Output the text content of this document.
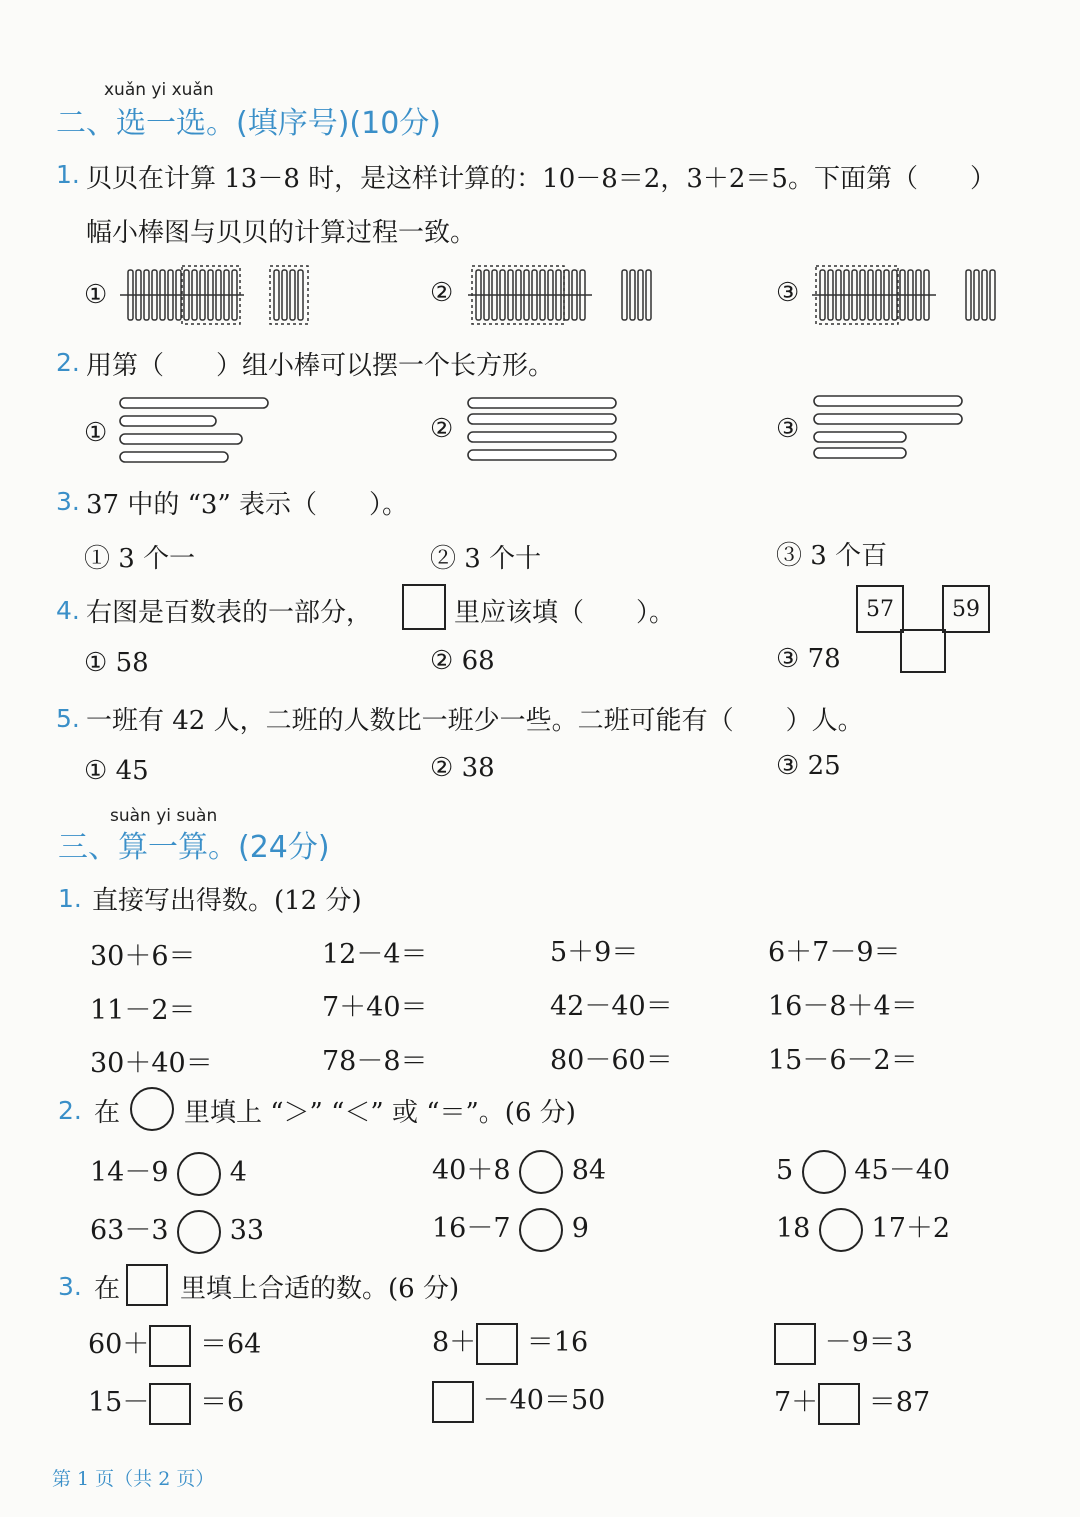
xuǎn yi xuǎn
二、选一选。(填序号)(10分)
1. 贝贝在计算 13－8 时，是这样计算的：10－8＝2，3＋2＝5。下面第（　　）
幅小棒图与贝贝的计算过程一致。
①	②	③
2. 用第（　　）组小棒可以摆一个长方形。
①	②	③
3. 37 中的 “3” 表示（　　）。
① 3 个一	② 3 个十	③ 3 个百
4. 右图是百数表的一部分，	里应该填（　　）。
① 58	② 68	③ 78
57	59
5. 一班有 42 人，二班的人数比一班少一些。二班可能有（　　）人。
① 45	② 38	③ 25
suàn yi suàn
三、算一算。(24分)
1. 直接写出得数。(12 分)
30＋6＝	12－4＝	5＋9＝	6＋7－9＝
11－2＝	7＋40＝	42－40＝	16－8＋4＝
30＋40＝	78－8＝	80－60＝	15－6－2＝
2. 在 里填上 “＞” “＜” 或 “＝”。(6 分)
14－9 4	40＋8 84	5 45－40
63－3 33	16－7 9	18 17＋2
3. 在 里填上合适的数。(6 分)
60＋ ＝64	8＋ ＝16	－9＝3
15－ ＝6	－40＝50	7＋ ＝87
第 1 页（共 2 页）
